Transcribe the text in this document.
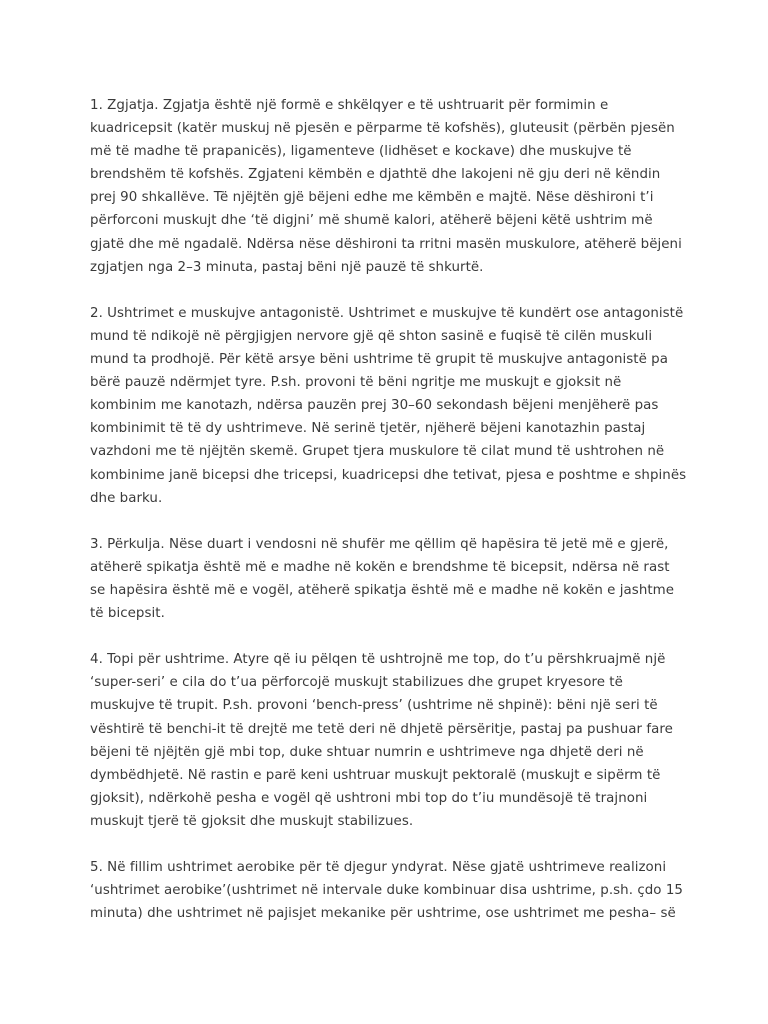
1. Zgjatja. Zgjatja është një formë e shkëlqyer e të ushtruarit për formimin e
kuadricepsit (katër muskuj në pjesën e përparme të kofshës), gluteusit (përbën pjesën
më të madhe të prapanicës), ligamenteve (lidhëset e kockave) dhe muskujve të
brendshëm të kofshës. Zgjateni këmbën e djathtë dhe lakojeni në gju deri në këndin
prej 90 shkallëve. Të njëjtën gjë bëjeni edhe me këmbën e majtë. Nëse dëshironi t’i
përforconi muskujt dhe ‘të digjni’ më shumë kalori, atëherë bëjeni këtë ushtrim më
gjatë dhe më ngadalë. Ndërsa nëse dëshironi ta rritni masën muskulore, atëherë bëjeni
zgjatjen nga 2–3 minuta, pastaj bëni një pauzë të shkurtë.

2. Ushtrimet e muskujve antagonistë. Ushtrimet e muskujve të kundërt ose antagonistë
mund të ndikojë në përgjigjen nervore gjë që shton sasinë e fuqisë të cilën muskuli
mund ta prodhojë. Për këtë arsye bëni ushtrime të grupit të muskujve antagonistë pa
bërë pauzë ndërmjet tyre. P.sh. provoni të bëni ngritje me muskujt e gjoksit në
kombinim me kanotazh, ndërsa pauzën prej 30–60 sekondash bëjeni menjëherë pas
kombinimit të të dy ushtrimeve. Në serinë tjetër, njëherë bëjeni kanotazhin pastaj
vazhdoni me të njëjtën skemë. Grupet tjera muskulore të cilat mund të ushtrohen në
kombinime janë bicepsi dhe tricepsi, kuadricepsi dhe tetivat, pjesa e poshtme e shpinës
dhe barku.

3. Përkulja. Nëse duart i vendosni në shufër me qëllim që hapësira të jetë më e gjerë,
atëherë spikatja është më e madhe në kokën e brendshme të bicepsit, ndërsa në rast
se hapësira është më e vogël, atëherë spikatja është më e madhe në kokën e jashtme
të bicepsit.

4. Topi për ushtrime. Atyre që iu pëlqen të ushtrojnë me top, do t’u përshkruajmë një
‘super-seri’ e cila do t’ua përforcojë muskujt stabilizues dhe grupet kryesore të
muskujve të trupit. P.sh. provoni ‘bench-press’ (ushtrime në shpinë): bëni një seri të
vështirë të benchi-it të drejtë me tetë deri në dhjetë përsëritje, pastaj pa pushuar fare
bëjeni të njëjtën gjë mbi top, duke shtuar numrin e ushtrimeve nga dhjetë deri në
dymbëdhjetë. Në rastin e parë keni ushtruar muskujt pektoralë (muskujt e sipërm të
gjoksit), ndërkohë pesha e vogël që ushtroni mbi top do t’iu mundësojë të trajnoni
muskujt tjerë të gjoksit dhe muskujt stabilizues.

5. Në fillim ushtrimet aerobike për të djegur yndyrat. Nëse gjatë ushtrimeve realizoni
‘ushtrimet aerobike’(ushtrimet në intervale duke kombinuar disa ushtrime, p.sh. çdo 15
minuta) dhe ushtrimet në pajisjet mekanike për ushtrime, ose ushtrimet me pesha– së
